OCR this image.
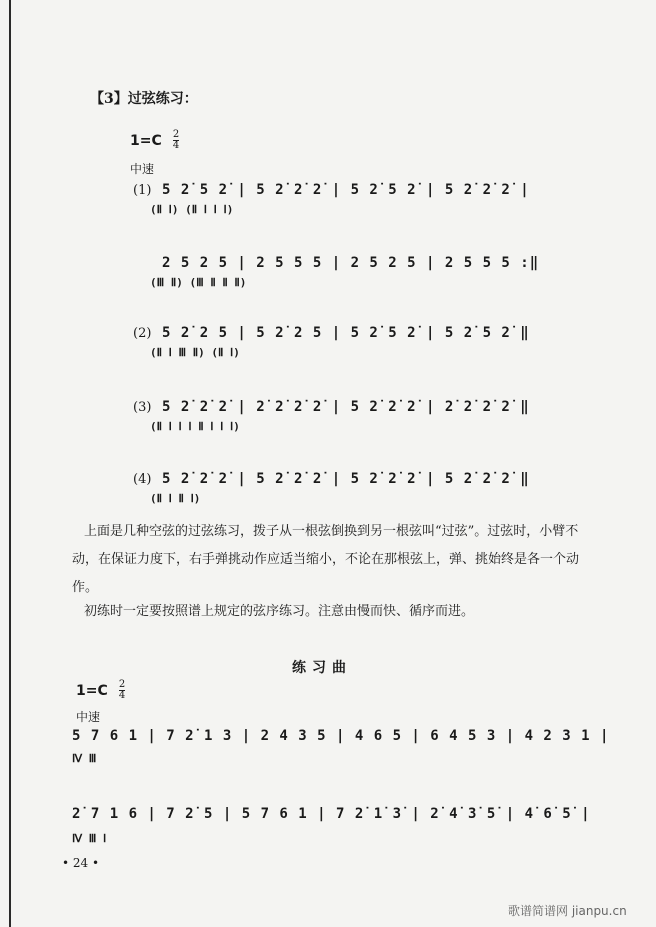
【3】过弦练习：
$1=C \frac{2}{4}$
中速
(1) 5 2̇ 5 2̇ | 5 2̇ 2̇ 2̇ | 5 2̇ 5 2̇ | 5 2̇ 2̇ 2̇ |
(Ⅱ Ⅰ) (Ⅱ Ⅰ Ⅰ Ⅰ)
2 5 2 5 | 2 5 5 5 | 2 5 2 5 | 2 5 5 5 :‖
(Ⅲ Ⅱ) (Ⅲ Ⅱ Ⅱ Ⅱ)
(2) 5 2̇ 2 5 | 5 2̇ 2 5 | 5 2̇ 5 2̇ | 5 2̇ 5 2̇ ‖
(Ⅱ Ⅰ Ⅲ Ⅱ) (Ⅱ Ⅰ)
(3) 5 2̇ 2̇ 2̇ | 2̇ 2̇ 2̇ 2̇ | 5 2̇ 2̇ 2̇ | 2̇ 2̇ 2̇ 2̇ ‖
(Ⅱ Ⅰ Ⅰ Ⅰ Ⅱ Ⅰ Ⅰ Ⅰ)
(4) 5 2̇ 2̇ 2̇ | 5 2̇ 2̇ 2̇ | 5 2̇ 2̇ 2̇ | 5 2̇ 2̇ 2̇ ‖
(Ⅱ Ⅰ Ⅱ Ⅰ)
上面是几种空弦的过弦练习，拨子从一根弦倒换到另一根弦叫“过弦”。过弦时，小臂不动，在保证力度下，右手弹挑动作应适当缩小，不论在那根弦上，弹、挑始终是各一个动作。
初练时一定要按照谱上规定的弦序练习。注意由慢而快、循序而进。
练习曲
$1=C \frac{2}{4}$
中速
5 7 6 1 | 7 2̇ 1 3 | 2 4 3 5 | 4 6 5 | 6 4 5 3 | 4 2 3 1 |
Ⅳ Ⅲ
2̇ 7 1 6 | 7 2̇ 5 | 5 7 6 1 | 7 2̇ 1̇ 3̇ | 2̇ 4̇ 3̇ 5̇ | 4̇ 6̇ 5̇ |
Ⅳ Ⅲ Ⅰ
• 24 •
歌谱简谱网 jianpu.cn
